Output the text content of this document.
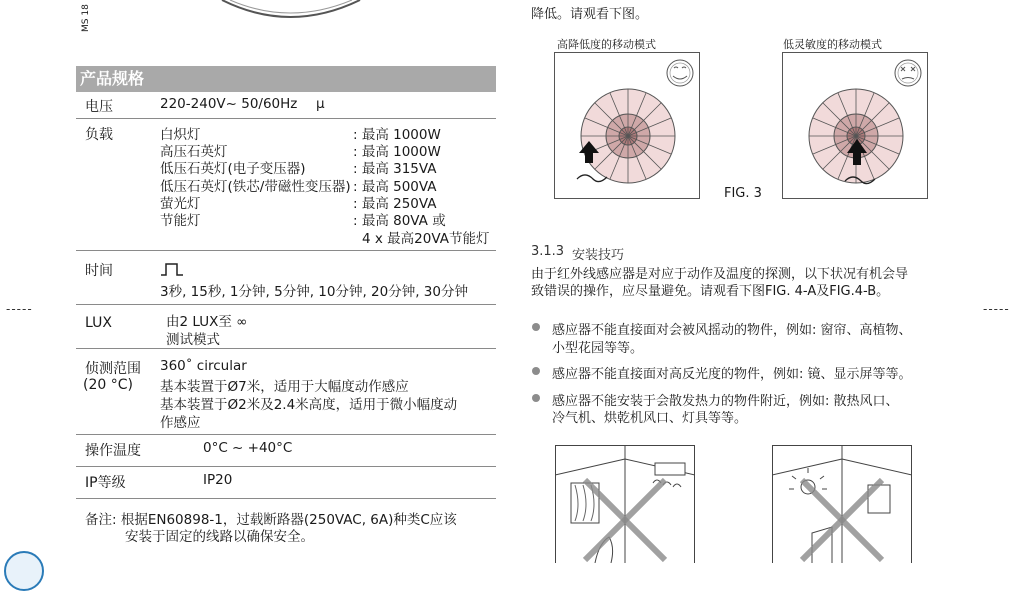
MS 18
-----	-----
产品规格
电压	220-240V~ 50/60Hz μ
负载	白炽灯	: 最高 1000W
高压石英灯	: 最高 1000W
低压石英灯(电子变压器)	: 最高 315VA
低压石英灯(铁芯/带磁性变压器) : 最高 500VA
萤光灯	: 最高 250VA
节能灯	: 最高 80VA 或
4 x 最高20VA节能灯
时间
3秒, 15秒, 1分钟, 5分钟, 10分钟, 20分钟, 30分钟
LUX	由2 LUX至 ∞
测试模式
侦测范围
(20 °C)
360˚ circular
基本装置于Ø7米，适用于大幅度动作感应
基本装置于Ø2米及2.4米高度，适用于微小幅度动
作感应
操作温度	0°C ~ +40°C
IP等级	IP20
备注: 根据EN60898-1，过载断路器(250VAC, 6A)种类C应该
安装于固定的线路以确保安全。
降低。请观看下图。
高降低度的移动模式	低灵敏度的移动模式
FIG. 3
3.1.3 安装技巧
由于红外线感应器是对应于动作及温度的探测，以下状况有机会导
致错误的操作，应尽量避免。请观看下图FIG. 4-A及FIG.4-B。
感应器不能直接面对会被风摇动的物件，例如: 窗帘、高植物、
小型花园等等。
感应器不能直接面对高反光度的物件，例如: 镜、显示屏等等。
感应器不能安装于会散发热力的物件附近，例如: 散热风口、
冷气机、烘乾机风口、灯具等等。
